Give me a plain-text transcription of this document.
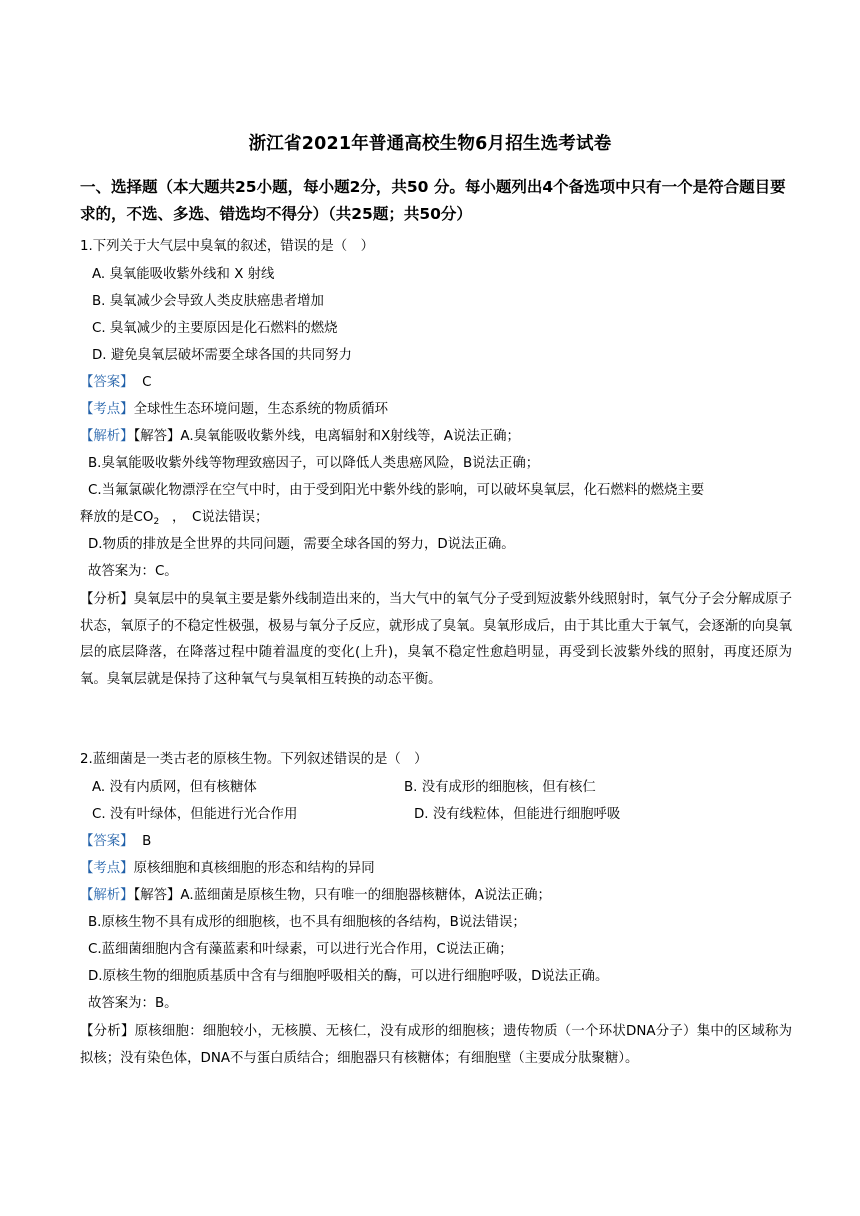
浙江省2021年普通高校生物6月招生选考试卷
一、选择题（本大题共25小题，每小题2分，共50 分。每小题列出4个备选项中只有一个是符合题目要求的，不选、多选、错选均不得分）（共25题；共50分）
1.下列关于大气层中臭氧的叙述，错误的是（　）
A. 臭氧能吸收紫外线和 X 射线
B. 臭氧减少会导致人类皮肤癌患者增加
C. 臭氧减少的主要原因是化石燃料的燃烧
D. 避免臭氧层破坏需要全球各国的共同努力
【答案】 C
【考点】全球性生态环境问题，生态系统的物质循环
【解析】【解答】A.臭氧能吸收紫外线，电离辐射和X射线等，A说法正确；
B.臭氧能吸收紫外线等物理致癌因子，可以降低人类患癌风险，B说法正确；
C.当氟氯碳化物漂浮在空气中时，由于受到阳光中紫外线的影响，可以破坏臭氧层，化石燃料的燃烧主要
释放的是$CO_2$ ，　C说法错误；
D.物质的排放是全世界的共同问题，需要全球各国的努力，D说法正确。
故答案为：C。
【分析】臭氧层中的臭氧主要是紫外线制造出来的，当大气中的氧气分子受到短波紫外线照射时，氧气分子会分解成原子状态，氧原子的不稳定性极强，极易与氧分子反应，就形成了臭氧。臭氧形成后，由于其比重大于氧气，会逐渐的向臭氧层的底层降落，在降落过程中随着温度的变化(上升)，臭氧不稳定性愈趋明显，再受到长波紫外线的照射，再度还原为氧。臭氧层就是保持了这种氧气与臭氧相互转换的动态平衡。
2.蓝细菌是一类古老的原核生物。下列叙述错误的是（　）
A. 没有内质网，但有核糖体	B. 没有成形的细胞核，但有核仁
C. 没有叶绿体，但能进行光合作用	D. 没有线粒体，但能进行细胞呼吸
【答案】 B
【考点】原核细胞和真核细胞的形态和结构的异同
【解析】【解答】A.蓝细菌是原核生物，只有唯一的细胞器核糖体，A说法正确；
B.原核生物不具有成形的细胞核，也不具有细胞核的各结构，B说法错误；
C.蓝细菌细胞内含有藻蓝素和叶绿素，可以进行光合作用，C说法正确；
D.原核生物的细胞质基质中含有与细胞呼吸相关的酶，可以进行细胞呼吸，D说法正确。
故答案为：B。
【分析】原核细胞：细胞较小，无核膜、无核仁，没有成形的细胞核；遗传物质（一个环状DNA分子）集中的区域称为拟核；没有染色体，DNA不与蛋白质结合；细胞器只有核糖体；有细胞壁（主要成分肽聚糖）。
